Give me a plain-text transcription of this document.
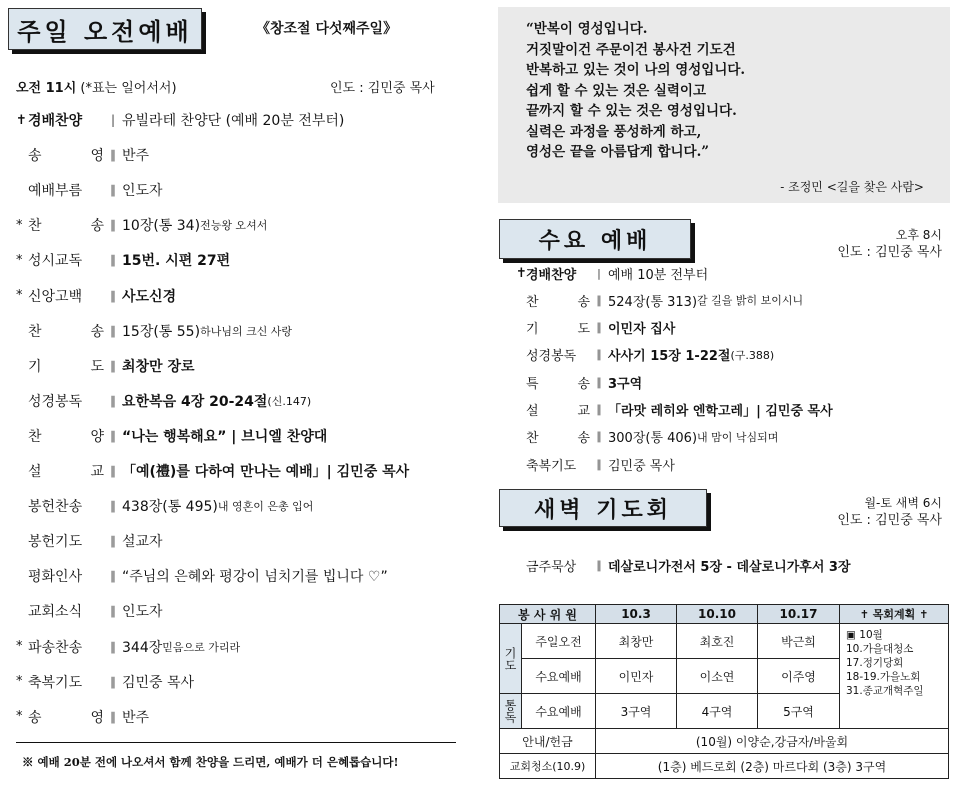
주일 오전예배	《창조절 다섯째주일》
오전 11시 (*표는 일어서서)	인도 : 김민중 목사
✝ 경배찬양	| 유빌라테 찬양단 (예배 20분 전부터)
송 영 ∥ 반주
예배부름	∥ 인도자
* 찬 송 ∥ 10장(통 34) 전능왕 오셔서
* 성시교독	∥ 15번. 시편 27편
* 신앙고백	∥ 사도신경
찬 송 ∥ 15장(통 55) 하나님의 크신 사랑
기 도 ∥ 최창만 장로
성경봉독	∥ 요한복음 4장 20-24절 (신.147)
찬 양 ∥ “나는 행복해요” | 브니엘 찬양대
설 교 ∥ 「예(禮)를 다하여 만나는 예배」| 김민중 목사
봉헌찬송	∥ 438장(통 495) 내 영혼이 은총 입어
봉헌기도	∥ 설교자
평화인사	∥ “주님의 은혜와 평강이 넘치기를 빕니다 ♡”
교회소식	∥ 인도자
* 파송찬송	∥ 344장 믿음으로 가리라
* 축복기도	∥ 김민중 목사
* 송 영 ∥ 반주
※ 예배 20분 전에 나오셔서 함께 찬양을 드리면, 예배가 더 은혜롭습니다!
“반복이 영성입니다.
거짓말이건 주문이건 봉사건 기도건
반복하고 있는 것이 나의 영성입니다.
쉽게 할 수 있는 것은 실력이고
끝까지 할 수 있는 것은 영성입니다.
실력은 과정을 풍성하게 하고,
영성은 끝을 아름답게 합니다.”
- 조정민 <길을 찾은 사람>
수요 예배	오후 8시
인도 : 김민중 목사
✝ 경배찬양	| 예배 10분 전부터
찬 송 ∥ 524장(통 313) 갈 길을 밝히 보이시니
기 도 ∥ 이민자 집사
성경봉독	∥ 사사기 15장 1-22절 (구.388)
특 송 ∥ 3구역
설 교 ∥ 「라맛 레히와 엔학고레」| 김민중 목사
찬 송 ∥ 300장(통 406) 내 맘이 낙심되며
축복기도	∥ 김민중 목사
새벽 기도회	월-토 새벽 6시
인도 : 김민중 목사
금주묵상	∥ 데살로니가전서 5장 - 데살로니가후서 3장
봉 사 위 원		10.3	10.10	10.17	✝ 목회계획 ✝
기도	주일오전	최창만	최호진	박근희	▣ 10월
10.가을대청소
17.정기당회
18-19.가을노회
31.종교개혁주일

	수요예배	이민자	이소연	이주영	
통독	수요예배	3구역	4구역	5구역	
안내/헌금		(10월) 이양순,강금자/바울회			
교회청소(10.9)		(1층) 베드로회 (2층) 마르다회 (3층) 3구역			
